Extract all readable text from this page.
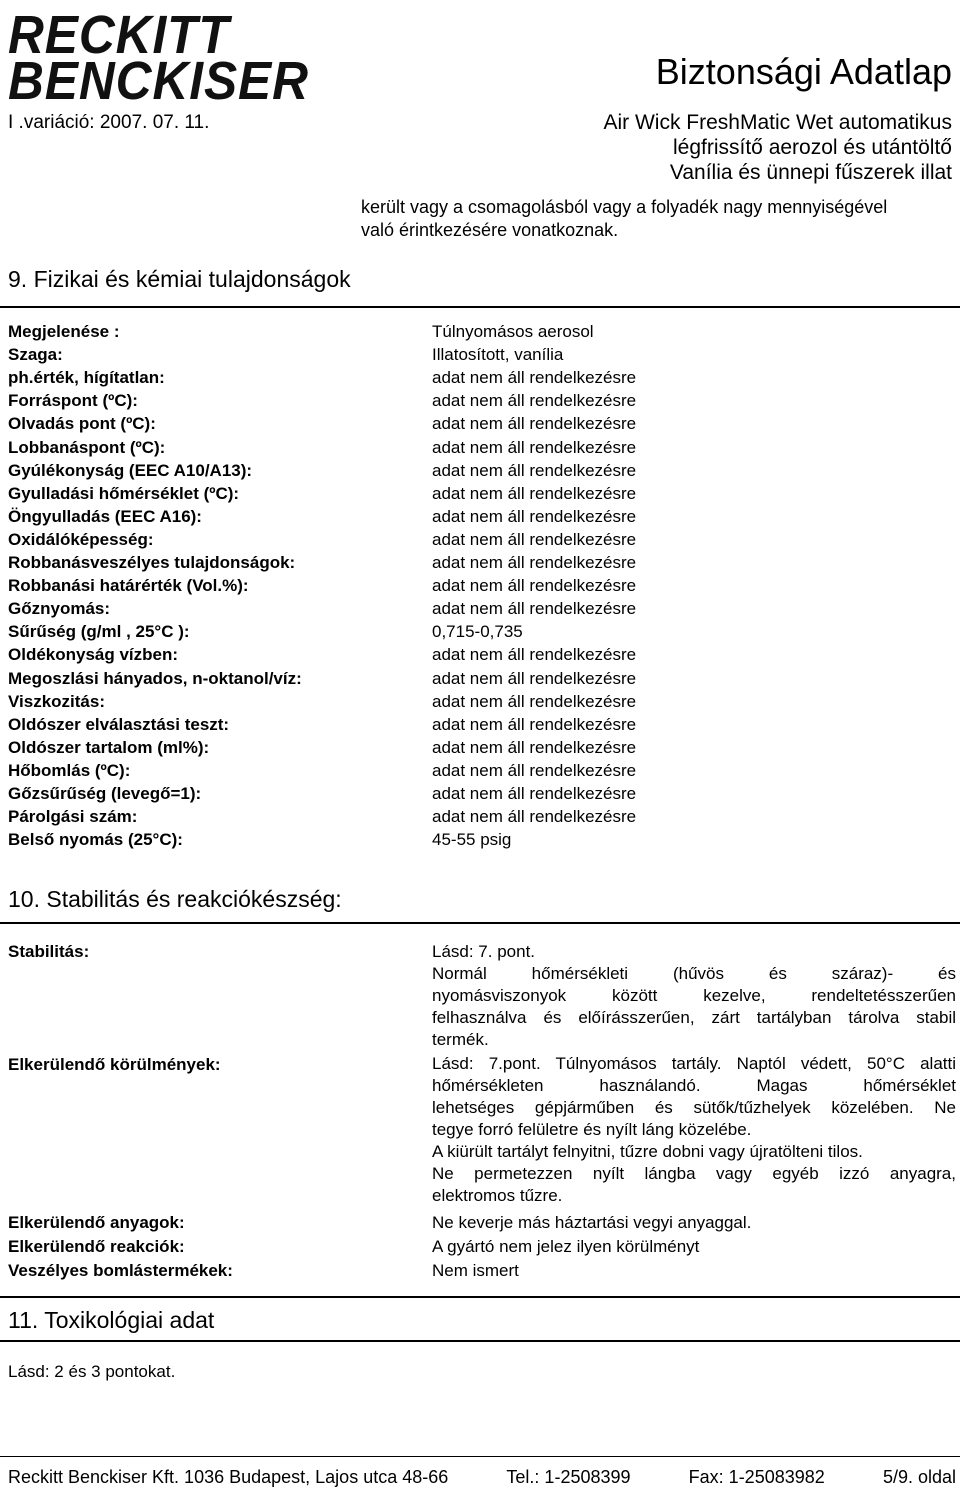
RECKITT
BENCKISER
I .variáció: 2007. 07. 11.
Biztonsági Adatlap
Air Wick FreshMatic Wet automatikus
légfrissítő aerozol és utántöltő
Vanília és ünnepi fűszerek illat
került vagy a csomagolásból vagy a folyadék nagy mennyiségével
való érintkezésére vonatkoznak.
9. Fizikai és kémiai tulajdonságok
Megjelenése :	Túlnyomásos aerosol
Szaga:	Illatosított, vanília
ph.érték, hígítatlan:	adat nem áll rendelkezésre
Forráspont (ºC):	adat nem áll rendelkezésre
Olvadás pont (ºC):	adat nem áll rendelkezésre
Lobbanáspont (ºC):	adat nem áll rendelkezésre
Gyúlékonyság (EEC A10/A13):	adat nem áll rendelkezésre
Gyulladási hőmérséklet (ºC):	adat nem áll rendelkezésre
Öngyulladás (EEC A16):	adat nem áll rendelkezésre
Oxidálóképesség:	adat nem áll rendelkezésre
Robbanásveszélyes tulajdonságok:	adat nem áll rendelkezésre
Robbanási határérték (Vol.%):	adat nem áll rendelkezésre
Gőznyomás:	adat nem áll rendelkezésre
Sűrűség (g/ml , 25°C ):	0,715-0,735
Oldékonyság vízben:	adat nem áll rendelkezésre
Megoszlási hányados, n-oktanol/víz:	adat nem áll rendelkezésre
Viszkozitás:	adat nem áll rendelkezésre
Oldószer elválasztási teszt:	adat nem áll rendelkezésre
Oldószer tartalom (ml%):	adat nem áll rendelkezésre
Hőbomlás (ºC):	adat nem áll rendelkezésre
Gőzsűrűség (levegő=1):	adat nem áll rendelkezésre
Párolgási szám:	adat nem áll rendelkezésre
Belső nyomás (25°C):	45-55 psig
10. Stabilitás és reakciókészség:
Stabilitás:	Lásd: 7. pont.
Normál hőmérsékleti (hűvös és száraz)- és
nyomásviszonyok között kezelve, rendeltetésszerűen
felhasználva és előírásszerűen, zárt tartályban tárolva stabil
termék.
Elkerülendő körülmények:	Lásd: 7.pont. Túlnyomásos tartály. Naptól védett, 50°C alatti
hőmérsékleten használandó. Magas hőmérséklet
lehetséges gépjárműben és sütők/tűzhelyek közelében. Ne
tegye forró felületre és nyílt láng közelébe.
A kiürült tartályt felnyitni, tűzre dobni vagy újratölteni tilos.
Ne permetezzen nyílt lángba vagy egyéb izzó anyagra,
elektromos tűzre.
Elkerülendő anyagok:	Ne keverje más háztartási vegyi anyaggal.
Elkerülendő reakciók:	A gyártó nem jelez ilyen körülményt
Veszélyes bomlástermékek:	Nem ismert
11. Toxikológiai adat
Lásd: 2 és 3 pontokat.
Reckitt Benckiser Kft. 1036 Budapest, Lajos utca 48-66	Tel.: 1-2508399	Fax: 1-25083982	5/9. oldal
